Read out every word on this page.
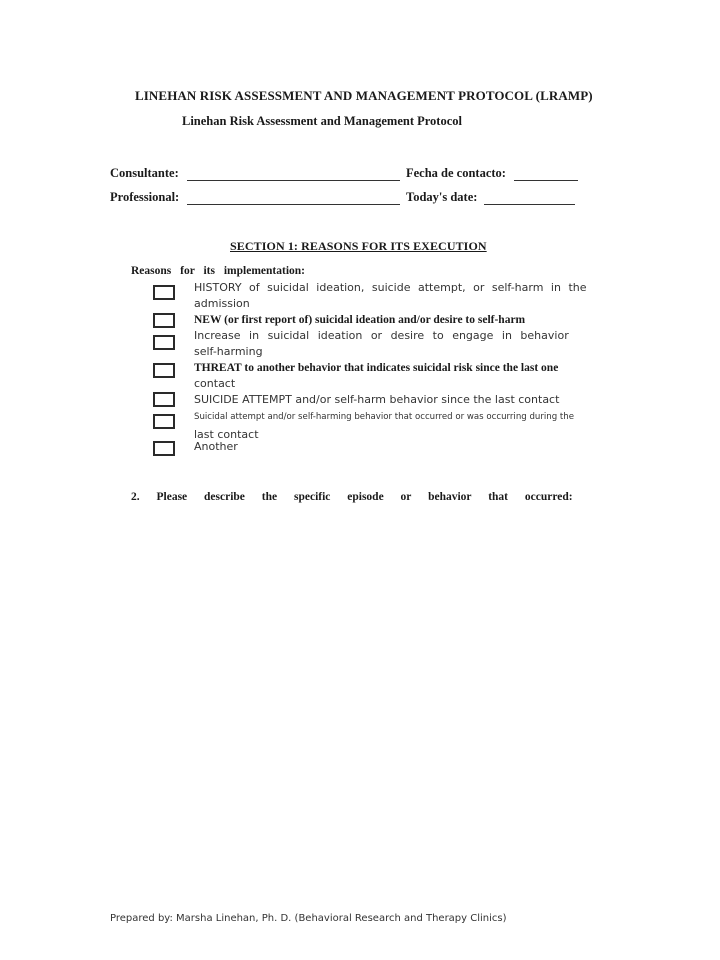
LINEHAN RISK ASSESSMENT AND MANAGEMENT PROTOCOL (LRAMP)
Linehan Risk Assessment and Management Protocol
Consultante:	Fecha de contacto:
Professional:	Today's date:
SECTION 1: REASONS FOR ITS EXECUTION
Reasons for its implementation:
HISTORY of suicidal ideation, suicide attempt, or self-harm in the
admission
NEW (or first report of) suicidal ideation and/or desire to self-harm
Increase in suicidal ideation or desire to engage in behavior
self-harming
THREAT to another behavior that indicates suicidal risk since the last one
contact
SUICIDE ATTEMPT and/or self-harm behavior since the last contact
Suicidal attempt and/or self-harming behavior that occurred or was occurring during the
last contact
Another
2. Please describe the specific episode or behavior that occurred:
Prepared by: Marsha Linehan, Ph. D. (Behavioral Research and Therapy Clinics)
